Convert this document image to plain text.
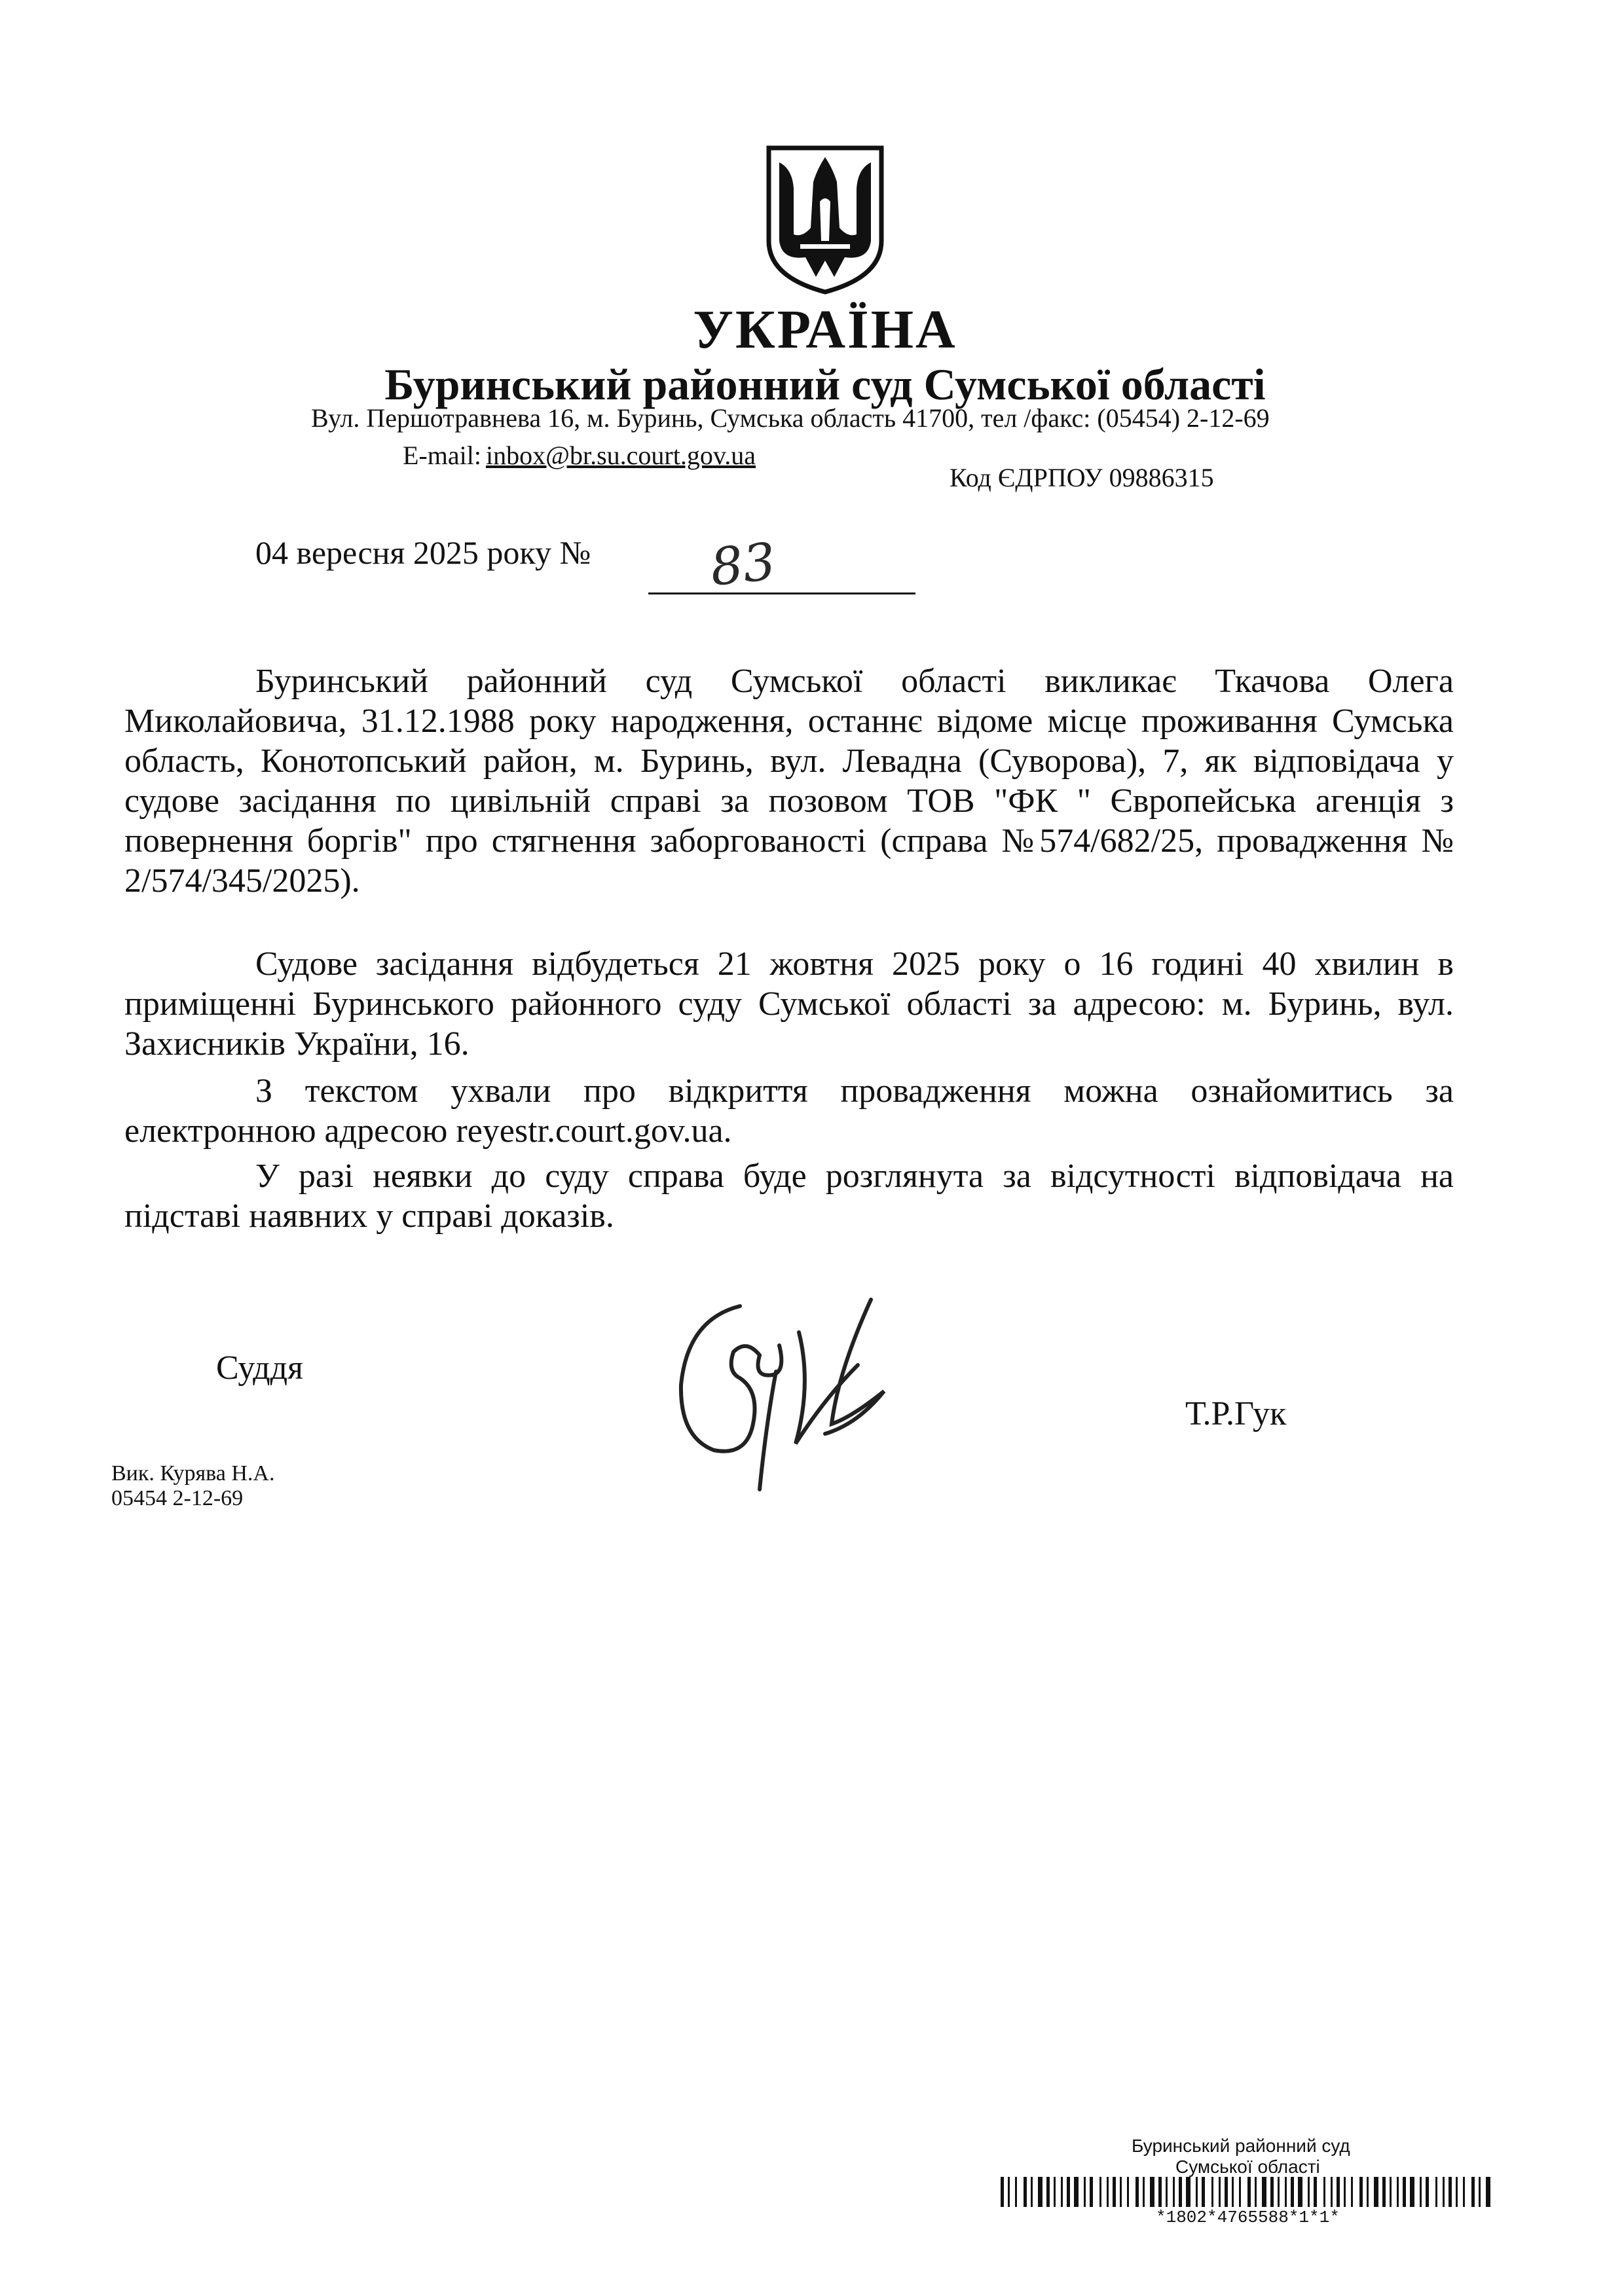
УКРАЇНА
Буринський районний суд Сумської області
Вул. Першотравнева 16, м. Буринь, Сумська область 41700, тел /факс: (05454) 2-12-69
E-mail: inbox@br.su.court.gov.ua
Код ЄДРПОУ 09886315
04 вересня 2025 року № 83

Буринський районний суд Сумської області викликає Ткачова Олега Миколайовича, 31.12.1988 року народження, останнє відоме місце проживання Сумська область, Конотопський район, м. Буринь, вул. Левадна (Суворова), 7, як відповідача у судове засідання по цивільній справі за позовом ТОВ "ФК " Європейська агенція з повернення боргів" про стягнення заборгованості (справа №574/682/25, провадження № 2/574/345/2025).

Судове засідання відбудеться 21 жовтня 2025 року о 16 годині 40 хвилин в приміщенні Буринського районного суду Сумської області за адресою: м. Буринь, вул. Захисників України, 16.

З текстом ухвали про відкриття провадження можна ознайомитись за електронною адресою reyestr.court.gov.ua.

У разі неявки до суду справа буде розглянута за відсутності відповідача на підставі наявних у справі доказів.

Суддя
Т.Р.Гук
Вик. Курява Н.А.
05454 2-12-69
Буринський районний суд
Сумської області
*1802*4765588*1*1*
